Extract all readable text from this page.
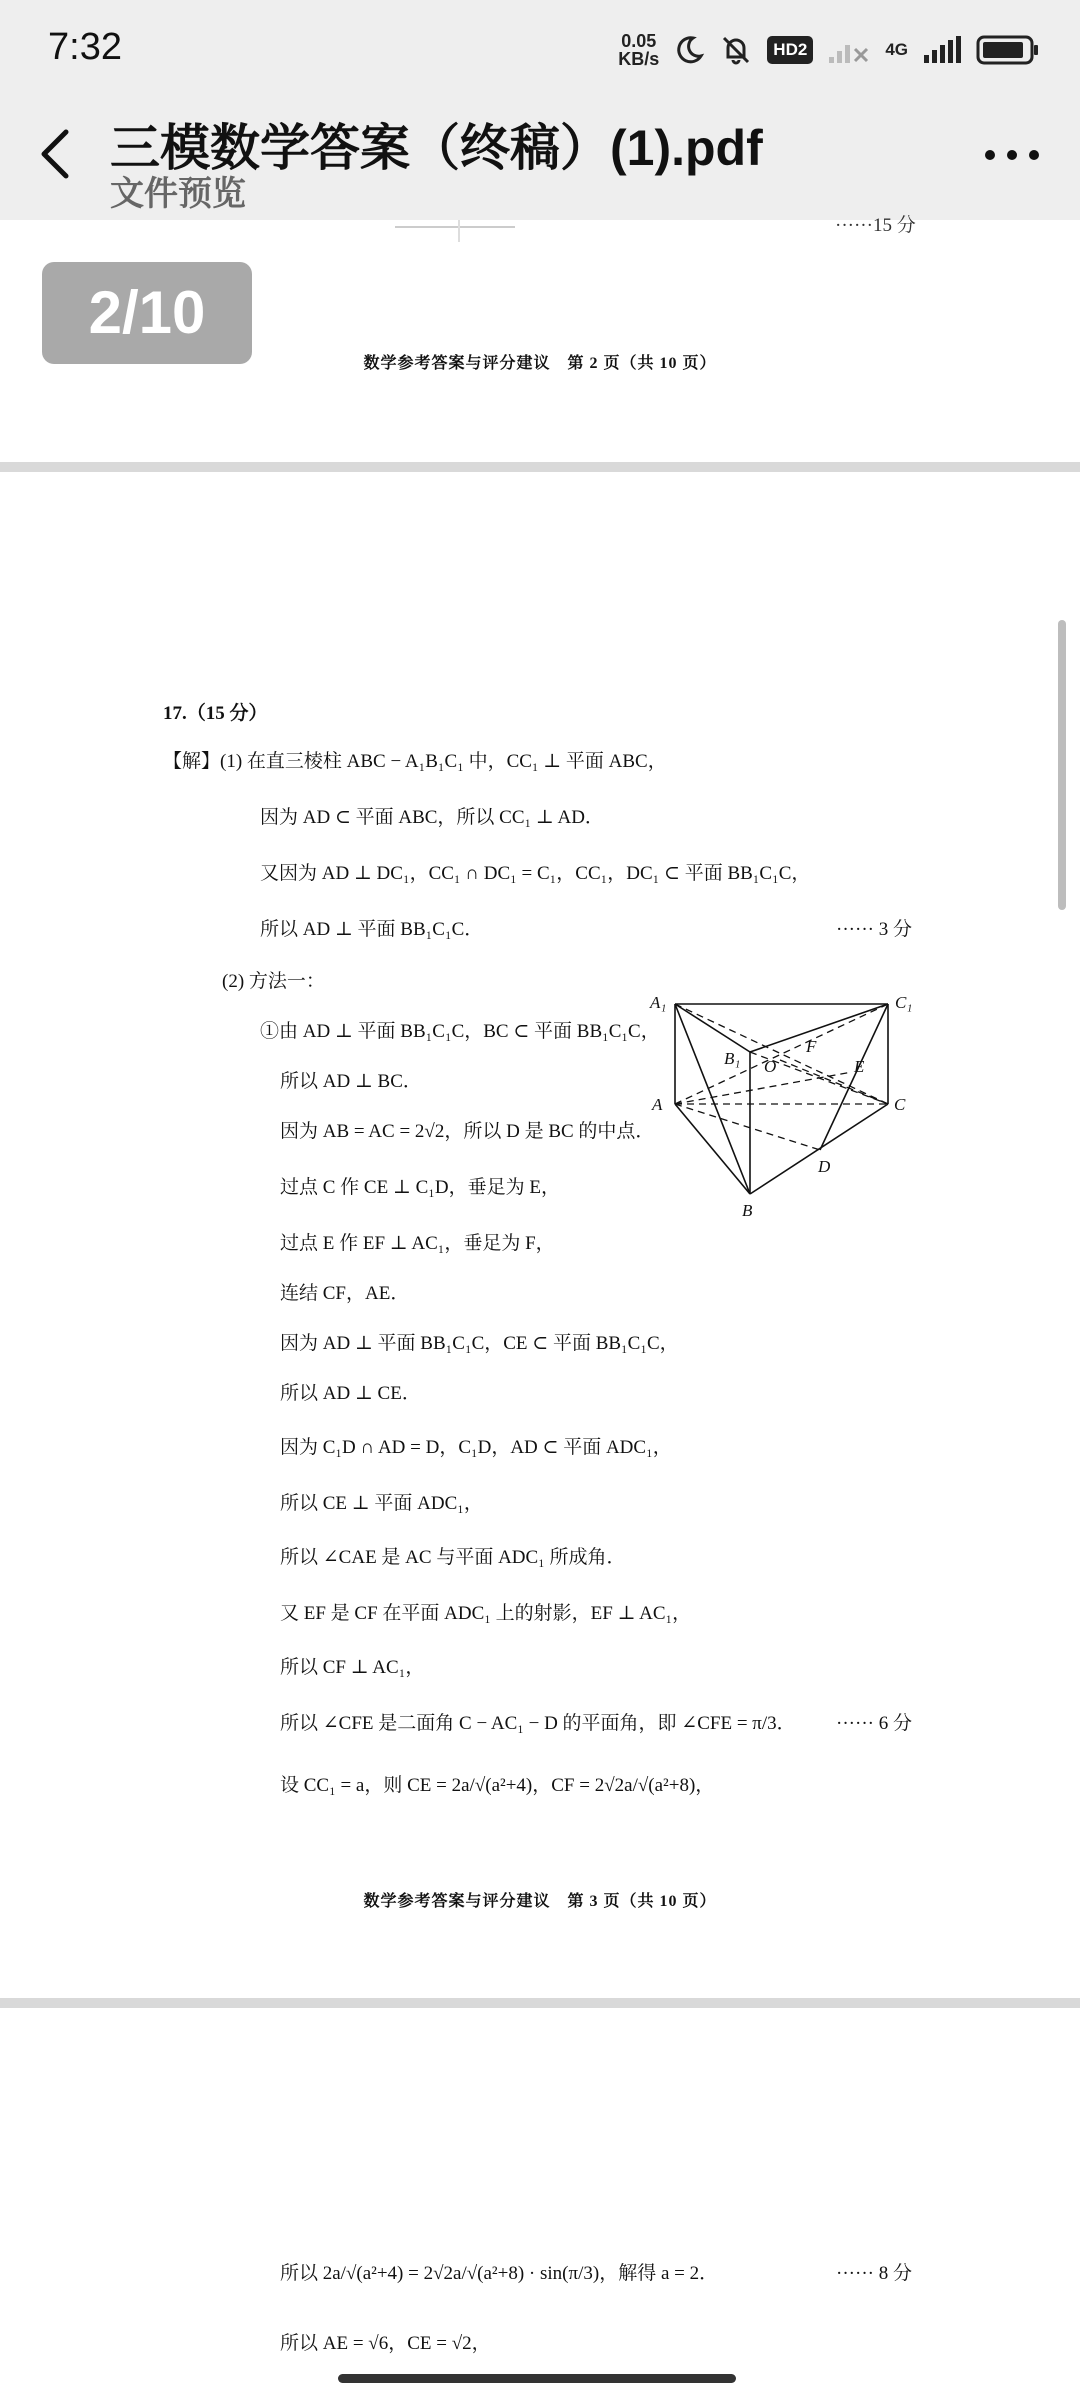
7:32	0.05
KB/s	HD2	4G
三模数学答案（终稿）(1).pdf
文件预览
······15 分
数学参考答案与评分建议　第 2 页（共 10 页）
2/10
17.（15 分）
【解】(1) 在直三棱柱 ABC − A₁B₁C₁ 中，CC₁ ⊥ 平面 ABC，
因为 AD ⊂ 平面 ABC，所以 CC₁ ⊥ AD．
又因为 AD ⊥ DC₁，CC₁ ∩ DC₁ = C₁，CC₁，DC₁ ⊂ 平面 BB₁C₁C，
所以 AD ⊥ 平面 BB₁C₁C．	······ 3 分
(2) 方法一：
①由 AD ⊥ 平面 BB₁C₁C，BC ⊂ 平面 BB₁C₁C，
所以 AD ⊥ BC．
因为 AB = AC = 2√2，所以 D 是 BC 的中点．
过点 C 作 CE ⊥ C₁D，垂足为 E，
过点 E 作 EF ⊥ AC₁，垂足为 F，
连结 CF，AE．
因为 AD ⊥ 平面 BB₁C₁C，CE ⊂ 平面 BB₁C₁C，
所以 AD ⊥ CE．
因为 C₁D ∩ AD = D，C₁D，AD ⊂ 平面 ADC₁，
所以 CE ⊥ 平面 ADC₁，
所以 ∠CAE 是 AC 与平面 ADC₁ 所成角．
又 EF 是 CF 在平面 ADC₁ 上的射影，EF ⊥ AC₁，
所以 CF ⊥ AC₁，
所以 ∠CFE 是二面角 C − AC₁ − D 的平面角，即 ∠CFE = π/3． ······ 6 分
设 CC₁ = a，则 CE = 2a/√(a²+4)，CF = 2√2a/√(a²+8)，
数学参考答案与评分建议　第 3 页（共 10 页）
A₁	C₁
B₁ O
F
E
A	C
D
B
所以 2a/√(a²+4) = 2√2a/√(a²+8) · sin(π/3)，解得 a = 2．	······ 8 分
所以 AE = √6，CE = √2，
